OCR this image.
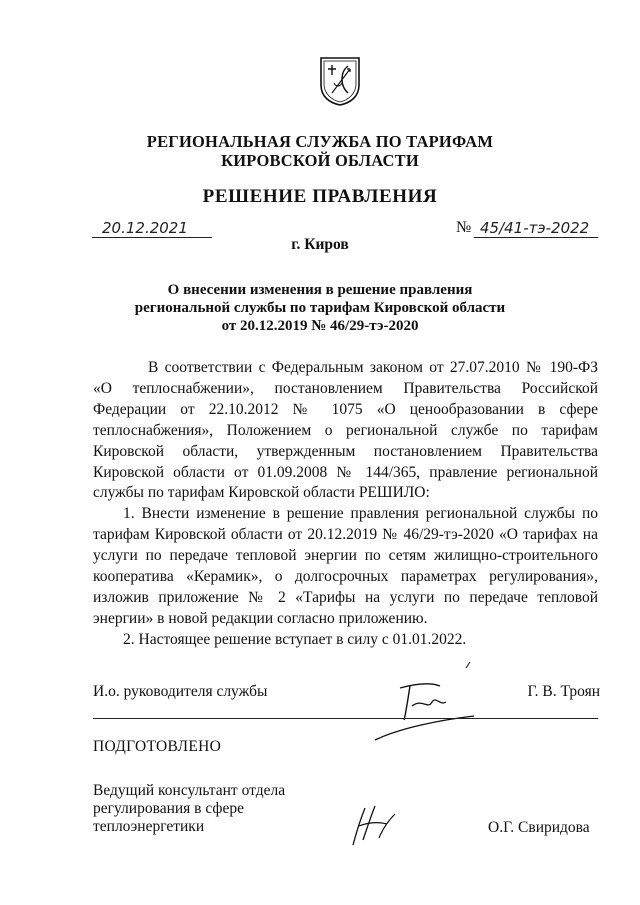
РЕГИОНАЛЬНАЯ СЛУЖБА ПО ТАРИФАМ
КИРОВСКОЙ ОБЛАСТИ
РЕШЕНИЕ ПРАВЛЕНИЯ
20.12.2021	№ 45/41-тэ-2022
г. Киров
О внесении изменения в решение правления
региональной службы по тарифам Кировской области
от 20.12.2019 № 46/29-тэ-2020

В соответствии с Федеральным законом от 27.07.2010 № 190-ФЗ «О теплоснабжении», постановлением Правительства Российской Федерации от 22.10.2012 № 1075 «О ценообразовании в сфере теплоснабжения», Положением о региональной службе по тарифам Кировской области, утвержденным постановлением Правительства Кировской области от 01.09.2008 № 144/365, правление региональной службы по тарифам Кировской области РЕШИЛО:

1. Внести изменение в решение правления региональной службы по тарифам Кировской области от 20.12.2019 № 46/29-тэ-2020 «О тарифах на услуги по передаче тепловой энергии по сетям жилищно-строительного кооператива «Керамик», о долгосрочных параметрах регулирования», изложив приложение № 2 «Тарифы на услуги по передаче тепловой энергии» в новой редакции согласно приложению.

2. Настоящее решение вступает в силу с 01.01.2022.

И.о. руководителя службы	Г. В. Троян
ПОДГОТОВЛЕНО
Ведущий консультант отдела регулирования в сфере теплоэнергетики	О.Г. Свиридова
